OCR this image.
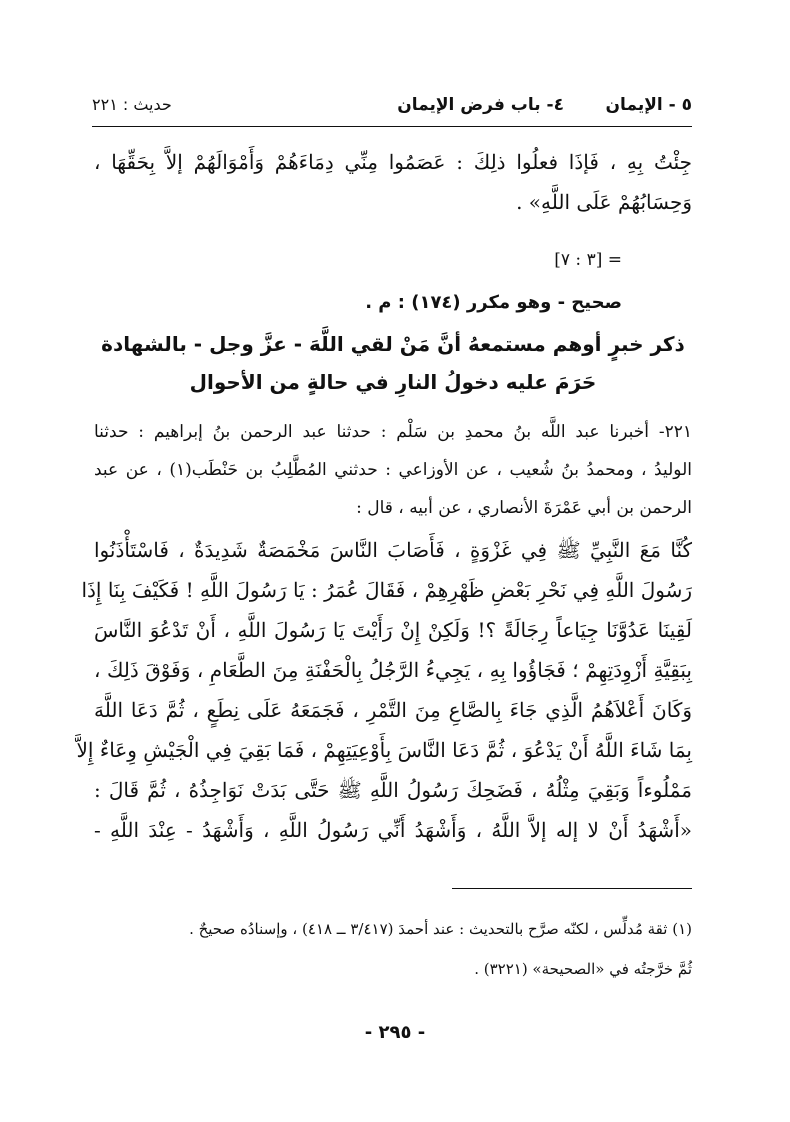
٥ - الإيمان
٤- باب فرض الإيمان
حديث : ٢٢١
جِئْتُ بِهِ ، فَإذَا فعلُوا ذلِكَ : عَصَمُوا مِنِّي دِمَاءَهُمْ وَأَمْوَالَهُمْ إلاَّ بِحَقِّهَا ،
وَحِسَابُهُمْ عَلَى اللَّهِ» .
= [٣ : ٧]
صحيح - وهو مكرر (١٧٤) : م .
ذكر خبرٍ أوهم مستمعهُ أنَّ مَنْ لقي اللَّهَ - عزَّ وجل - بالشهادة
حَرَمَ عليه دخولُ النارِ في حالةٍ من الأحوال
٢٢١- أخبرنا عبد اللَّه بنُ محمدِ بن سَلْم : حدثنا عبد الرحمن بنُ إبراهيم : حدثنا
الوليدُ ، ومحمدُ بنُ شُعيب ، عن الأوزاعي : حدثني المُطَّلِبُ بن حَنْطَب(١) ، عن عبد
الرحمن بن أبي عَمْرَةَ الأنصاري ، عن أبيه ، قال :
كُنَّا مَعَ النَّبِيِّ ﷺ فِي غَزْوَةٍ ، فَأَصَابَ النَّاسَ مَخْمَصَةٌ شَدِيدَةٌ ، فَاسْتَأْذَنُوا
رَسُولَ اللَّهِ فِي نَحْرِ بَعْضِ ظَهْرِهِمْ ، فَقَالَ عُمَرُ : يَا رَسُولَ اللَّهِ ! فَكَيْفَ بِنَا إِذَا
لَقِينَا عَدُوَّنَا جِيَاعاً رِجَالَةً ؟! وَلَكِنْ إِنْ رَأَيْتَ يَا رَسُولَ اللَّهِ ، أَنْ تَدْعُوَ النَّاسَ
بِبَقِيَّةِ أَزْوِدَتِهِمْ ؛ فَجَاؤُوا بِهِ ، يَجِيءُ الرَّجُلُ بِالْحَفْنَةِ مِنَ الطَّعَامِ ، وَفَوْقَ ذَلِكَ ،
وَكَانَ أَعْلاَهُمُ الَّذِي جَاءَ بِالصَّاعِ مِنَ التَّمْرِ ، فَجَمَعَهُ عَلَى نِطَعٍ ، ثُمَّ دَعَا اللَّهَ
بِمَا شَاءَ اللَّهُ أَنْ يَدْعُوَ ، ثُمَّ دَعَا النَّاسَ بِأَوْعِيَتِهِمْ ، فَمَا بَقِيَ فِي الْجَيْشِ وِعَاءٌ إِلاَّ
مَمْلُوءاً وَبَقِيَ مِثْلُهُ ، فَضَحِكَ رَسُولُ اللَّهِ ﷺ حَتَّى بَدَتْ نَوَاجِذُهُ ، ثُمَّ قَالَ :
«أَشْهَدُ أَنْ لا إله إلاَّ اللَّهُ ، وَأَشْهَدُ أَنِّي رَسُولُ اللَّهِ ، وَأَشْهَدُ - عِنْدَ اللَّهِ -
(١) ثقة مُدلِّس ، لكنّه صرَّح بالتحديث : عند أحمدَ (٣/٤١٧ ــ ٤١٨) ، وإسنادُه صحيحٌ .
ثُمَّ خرَّجتُه في «الصحيحة» (٣٢٢١) .
- ٢٩٥ -
